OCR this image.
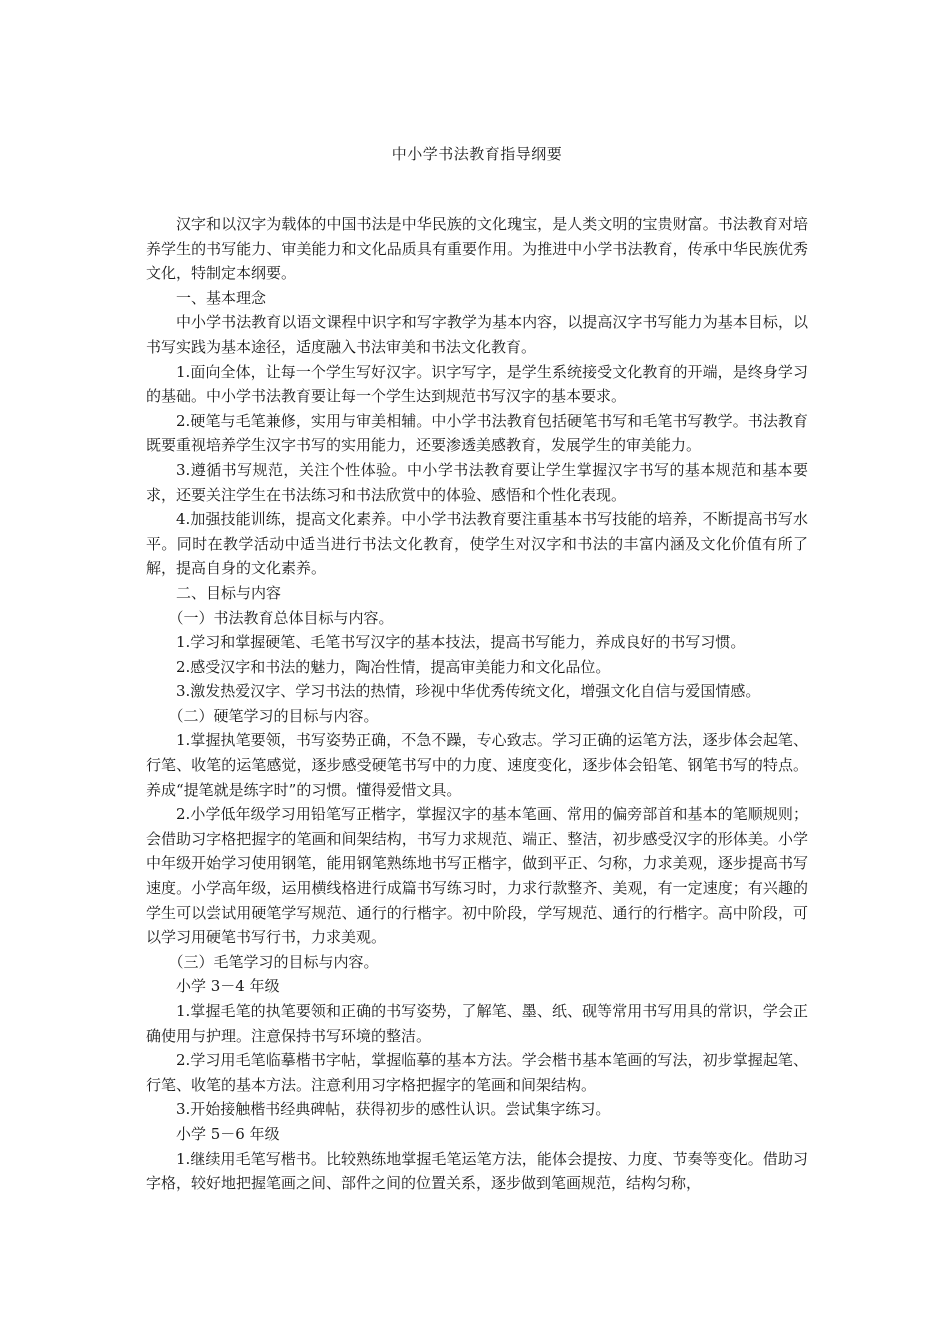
中小学书法教育指导纲要

汉字和以汉字为载体的中国书法是中华民族的文化瑰宝，是人类文明的宝贵财富。书法教育对培养学生的书写能力、审美能力和文化品质具有重要作用。为推进中小学书法教育，传承中华民族优秀文化，特制定本纲要。

一、基本理念

中小学书法教育以语文课程中识字和写字教学为基本内容，以提高汉字书写能力为基本目标，以书写实践为基本途径，适度融入书法审美和书法文化教育。

1.面向全体，让每一个学生写好汉字。识字写字，是学生系统接受文化教育的开端，是终身学习的基础。中小学书法教育要让每一个学生达到规范书写汉字的基本要求。

2.硬笔与毛笔兼修，实用与审美相辅。中小学书法教育包括硬笔书写和毛笔书写教学。书法教育既要重视培养学生汉字书写的实用能力，还要渗透美感教育，发展学生的审美能力。

3.遵循书写规范，关注个性体验。中小学书法教育要让学生掌握汉字书写的基本规范和基本要求，还要关注学生在书法练习和书法欣赏中的体验、感悟和个性化表现。

4.加强技能训练，提高文化素养。中小学书法教育要注重基本书写技能的培养，不断提高书写水平。同时在教学活动中适当进行书法文化教育，使学生对汉字和书法的丰富内涵及文化价值有所了解，提高自身的文化素养。

二、目标与内容

（一）书法教育总体目标与内容。

1.学习和掌握硬笔、毛笔书写汉字的基本技法，提高书写能力，养成良好的书写习惯。

2.感受汉字和书法的魅力，陶冶性情，提高审美能力和文化品位。

3.激发热爱汉字、学习书法的热情，珍视中华优秀传统文化，增强文化自信与爱国情感。

（二）硬笔学习的目标与内容。

1.掌握执笔要领，书写姿势正确，不急不躁，专心致志。学习正确的运笔方法，逐步体会起笔、行笔、收笔的运笔感觉，逐步感受硬笔书写中的力度、速度变化，逐步体会铅笔、钢笔书写的特点。养成“提笔就是练字时”的习惯。懂得爱惜文具。

2.小学低年级学习用铅笔写正楷字，掌握汉字的基本笔画、常用的偏旁部首和基本的笔顺规则；会借助习字格把握字的笔画和间架结构，书写力求规范、端正、整洁，初步感受汉字的形体美。小学中年级开始学习使用钢笔，能用钢笔熟练地书写正楷字，做到平正、匀称，力求美观，逐步提高书写速度。小学高年级，运用横线格进行成篇书写练习时，力求行款整齐、美观，有一定速度；有兴趣的学生可以尝试用硬笔学写规范、通行的行楷字。初中阶段，学写规范、通行的行楷字。高中阶段，可以学习用硬笔书写行书，力求美观。

（三）毛笔学习的目标与内容。

小学 3－4 年级

1.掌握毛笔的执笔要领和正确的书写姿势，了解笔、墨、纸、砚等常用书写用具的常识，学会正确使用与护理。注意保持书写环境的整洁。

2.学习用毛笔临摹楷书字帖，掌握临摹的基本方法。学会楷书基本笔画的写法，初步掌握起笔、行笔、收笔的基本方法。注意利用习字格把握字的笔画和间架结构。

3.开始接触楷书经典碑帖，获得初步的感性认识。尝试集字练习。

小学 5－6 年级

1.继续用毛笔写楷书。比较熟练地掌握毛笔运笔方法，能体会提按、力度、节奏等变化。借助习字格，较好地把握笔画之间、部件之间的位置关系，逐步做到笔画规范，结构匀称，
